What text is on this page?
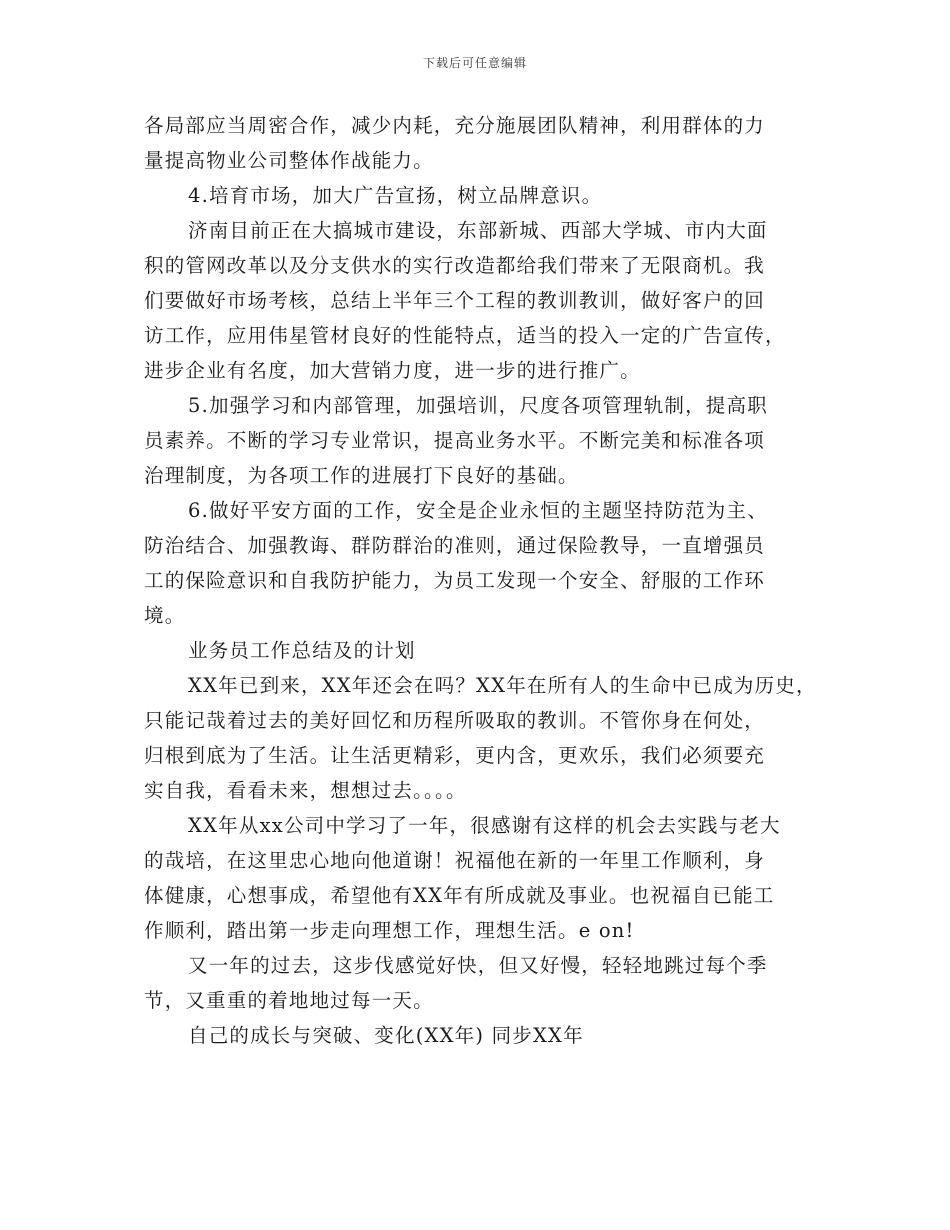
下载后可任意编辑
各局部应当周密合作，减少内耗，充分施展团队精神，利用群体的力
量提高物业公司整体作战能力。
4.培育市场，加大广告宣扬，树立品牌意识。
济南目前正在大搞城市建设，东部新城、西部大学城、市内大面
积的管网改革以及分支供水的实行改造都给我们带来了无限商机。我
们要做好市场考核，总结上半年三个工程的教训教训，做好客户的回
访工作，应用伟星管材良好的性能特点，适当的投入一定的广告宣传，
进步企业有名度，加大营销力度，进一步的进行推广。
5.加强学习和内部管理，加强培训，尺度各项管理轨制，提高职
员素养。不断的学习专业常识，提高业务水平。不断完美和标准各项
治理制度，为各项工作的进展打下良好的基础。
6.做好平安方面的工作，安全是企业永恒的主题坚持防范为主、
防治结合、加强教诲、群防群治的准则，通过保险教导，一直增强员
工的保险意识和自我防护能力，为员工发现一个安全、舒服的工作环
境。
业务员工作总结及的计划
XX年已到来，XX年还会在吗？XX年在所有人的生命中已成为历史，
只能记哉着过去的美好回忆和历程所吸取的教训。不管你身在何处，
归根到底为了生活。让生活更精彩，更内含，更欢乐，我们必须要充
实自我，看看未来，想想过去。。。。
XX年从xx公司中学习了一年，很感谢有这样的机会去实践与老大
的哉培，在这里忠心地向他道谢！祝福他在新的一年里工作顺利，身
体健康，心想事成，希望他有XX年有所成就及事业。也祝福自已能工
作顺利，踏出第一步走向理想工作，理想生活。e on!
又一年的过去，这步伐感觉好快，但又好慢，轻轻地跳过每个季
节，又重重的着地地过每一天。
自己的成长与突破、变化(XX年) 同步XX年
